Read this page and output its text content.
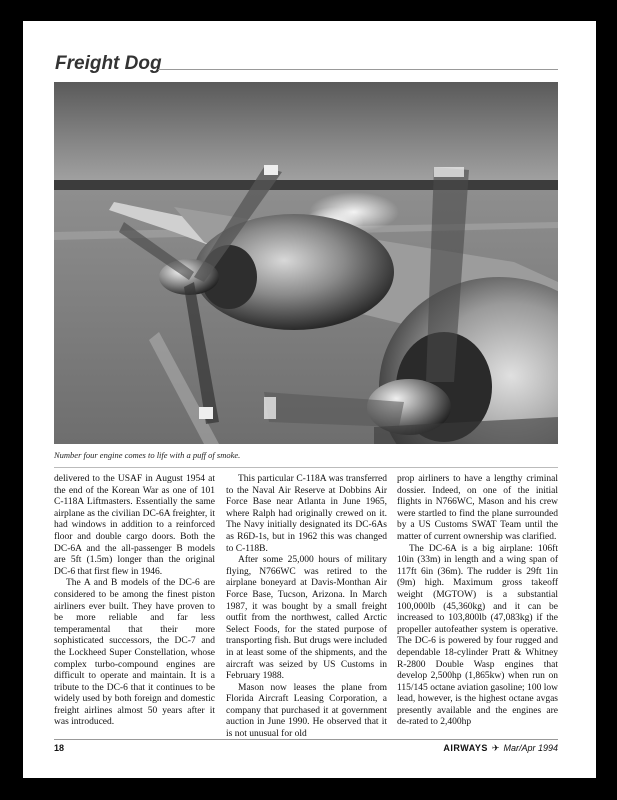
Freight Dog
Number four engine comes to life with a puff of smoke.

delivered to the USAF in August 1954 at the end of the Korean War as one of 101 C-118A Liftmasters. Essentially the same airplane as the civilian DC-6A freighter, it had windows in addition to a reinforced floor and double cargo doors. Both the DC-6A and the all-passenger B models are 5ft (1.5m) longer than the original DC-6 that first flew in 1946.

The A and B models of the DC-6 are considered to be among the finest piston airliners ever built. They have proven to be more reliable and far less temperamental that their more sophisticated successors, the DC-7 and the Lockheed Super Constellation, whose complex turbo-compound engines are difficult to operate and maintain. It is a tribute to the DC-6 that it continues to be widely used by both foreign and domestic freight airlines almost 50 years after it was introduced.

This particular C-118A was transferred to the Naval Air Reserve at Dobbins Air Force Base near Atlanta in June 1965, where Ralph had originally crewed on it. The Navy initially designated its DC-6As as R6D-1s, but in 1962 this was changed to C-118B.

After some 25,000 hours of military flying, N766WC was retired to the airplane boneyard at Davis-Monthan Air Force Base, Tucson, Arizona. In March 1987, it was bought by a small freight outfit from the northwest, called Arctic Select Foods, for the stated purpose of transporting fish. But drugs were included in at least some of the shipments, and the aircraft was seized by US Customs in February 1988.

Mason now leases the plane from Florida Aircraft Leasing Corporation, a company that purchased it at government auction in June 1990. He observed that it is not unusual for old

prop airliners to have a lengthy criminal dossier. Indeed, on one of the initial flights in N766WC, Mason and his crew were startled to find the plane surrounded by a US Customs SWAT Team until the matter of current ownership was clarified.

The DC-6A is a big airplane: 106ft 10in (33m) in length and a wing span of 117ft 6in (36m). The rudder is 29ft 1in (9m) high. Maximum gross takeoff weight (MGTOW) is a substantial 100,000lb (45,360kg) and it can be increased to 103,800lb (47,083kg) if the propeller autofeather system is operative. The DC-6 is powered by four rugged and dependable 18-cylinder Pratt & Whitney R-2800 Double Wasp engines that develop 2,500hp (1,865kw) when run on 115/145 octane aviation gasoline; 100 low lead, however, is the highest octane avgas presently available and the engines are de-rated to 2,400hp

18	AIRWAYS ✈ Mar/Apr 1994
